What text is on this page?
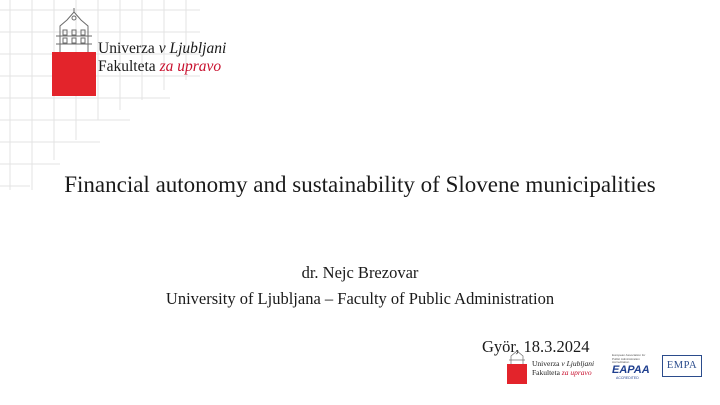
Univerza v Ljubljani
Fakulteta za upravo
Financial autonomy and sustainability of Slovene municipalities
dr. Nejc Brezovar
University of Ljubljana – Faculty of Public Administration
Györ, 18.3.2024
Univerza v Ljubljani
Fakulteta za upravo
European Association for Public Administration Accreditation
EAPAA
ACCREDITED
EMPA
